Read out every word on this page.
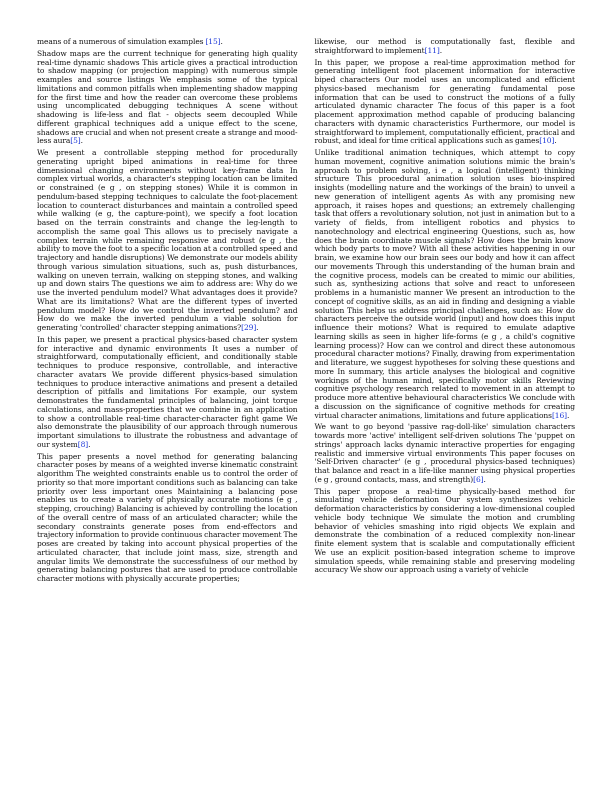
means of a numerous of simulation examples [15].

Shadow maps are the current technique for generating high quality real-time dynamic shadows This article gives a practical introduction to shadow mapping (or projection mapping) with numerous simple examples and source listings We emphasis some of the typical limitations and common pitfalls when implementing shadow mapping for the first time and how the reader can overcome these problems using uncomplicated debugging techniques A scene without shadowing is life-less and flat - objects seem decoupled While different graphical techniques add a unique effect to the scene, shadows are crucial and when not present create a strange and mood-less aura[5].

We present a controllable stepping method for procedurally generating upright biped animations in real-time for three dimensional changing environments without key-frame data In complex virtual worlds, a character's stepping location can be limited or constrained (e g , on stepping stones) While it is common in pendulum-based stepping techniques to calculate the foot-placement location to counteract disturbances and maintain a controlled speed while walking (e g, the capture-point), we specify a foot location based on the terrain constraints and change the leg-length to accomplish the same goal This allows us to precisely navigate a complex terrain while remaining responsive and robust (e g , the ability to move the foot to a specific location at a controlled speed and trajectory and handle disruptions) We demonstrate our models ability through various simulation situations, such as, push disturbances, walking on uneven terrain, walking on stepping stones, and walking up and down stairs The questions we aim to address are: Why do we use the inverted pendulum model? What advantages does it provide? What are its limitations? What are the different types of inverted pendulum model? How do we control the inverted pendulum? and How do we make the inverted pendulum a viable solution for generating 'controlled' character stepping animations?[29].

In this paper, we present a practical physics-based character system for interactive and dynamic environments It uses a number of straightforward, computationally efficient, and conditionally stable techniques to produce responsive, controllable, and interactive character avatars We provide different physics-based simulation techniques to produce interactive animations and present a detailed description of pitfalls and limitations For example, our system demonstrates the fundamental principles of balancing, joint torque calculations, and mass-properties that we combine in an application to show a controllable real-time character-character fight game We also demonstrate the plausibility of our approach through numerous important simulations to illustrate the robustness and advantage of our system[8].

This paper presents a novel method for generating balancing character poses by means of a weighted inverse kinematic constraint algorithm The weighted constraints enable us to control the order of priority so that more important conditions such as balancing can take priority over less important ones Maintaining a balancing pose enables us to create a variety of physically accurate motions (e g , stepping, crouching) Balancing is achieved by controlling the location of the overall centre of mass of an articulated character; while the secondary constraints generate poses from end-effectors and trajectory information to provide continuous character movement The poses are created by taking into account physical properties of the articulated character, that include joint mass, size, strength and angular limits We demonstrate the successfulness of our method by generating balancing postures that are used to produce controllable character motions with physically accurate properties;

likewise, our method is computationally fast, flexible and straightforward to implement[11].

In this paper, we propose a real-time approximation method for generating intelligent foot placement information for interactive biped characters Our model uses an uncomplicated and efficient physics-based mechanism for generating fundamental pose information that can be used to construct the motions of a fully articulated dynamic character The focus of this paper is a foot placement approximation method capable of producing balancing characters with dynamic characteristics Furthermore, our model is straightforward to implement, computationally efficient, practical and robust, and ideal for time critical applications such as games[10].

Unlike traditional animation techniques, which attempt to copy human movement, cognitive animation solutions mimic the brain's approach to problem solving, i e , a logical (intelligent) thinking structure This procedural animation solution uses bio-inspired insights (modelling nature and the workings of the brain) to unveil a new generation of intelligent agents As with any promising new approach, it raises hopes and questions; an extremely challenging task that offers a revolutionary solution, not just in animation but to a variety of fields, from intelligent robotics and physics to nanotechnology and electrical engineering Questions, such as, how does the brain coordinate muscle signals? How does the brain know which body parts to move? With all these activities happening in our brain, we examine how our brain sees our body and how it can affect our movements Through this understanding of the human brain and the cognitive process, models can be created to mimic our abilities, such as, synthesizing actions that solve and react to unforeseen problems in a humanistic manner We present an introduction to the concept of cognitive skills, as an aid in finding and designing a viable solution This helps us address principal challenges, such as: How do characters perceive the outside world (input) and how does this input influence their motions? What is required to emulate adaptive learning skills as seen in higher life-forms (e g , a child's cognitive learning process)? How can we control and direct these autonomous procedural character motions? Finally, drawing from experimentation and literature, we suggest hypotheses for solving these questions and more In summary, this article analyses the biological and cognitive workings of the human mind, specifically motor skills Reviewing cognitive psychology research related to movement in an attempt to produce more attentive behavioural characteristics We conclude with a discussion on the significance of cognitive methods for creating virtual character animations, limitations and future applications[16].

We want to go beyond 'passive rag-doll-like' simulation characters towards more 'active' intelligent self-driven solutions The 'puppet on strings' approach lacks dynamic interactive properties for engaging realistic and immersive virtual environments This paper focuses on 'Self-Driven character' (e g , procedural physics-based techniques) that balance and react in a life-like manner using physical properties (e g , ground contacts, mass, and strength)[6].

This paper propose a real-time physically-based method for simulating vehicle deformation Our system synthesizes vehicle deformation characteristics by considering a low-dimensional coupled vehicle body technique We simulate the motion and crumbling behavior of vehicles smashing into rigid objects We explain and demonstrate the combination of a reduced complexity non-linear finite element system that is scalable and computationally efficient We use an explicit position-based integration scheme to improve simulation speeds, while remaining stable and preserving modeling accuracy We show our approach using a variety of vehicle
